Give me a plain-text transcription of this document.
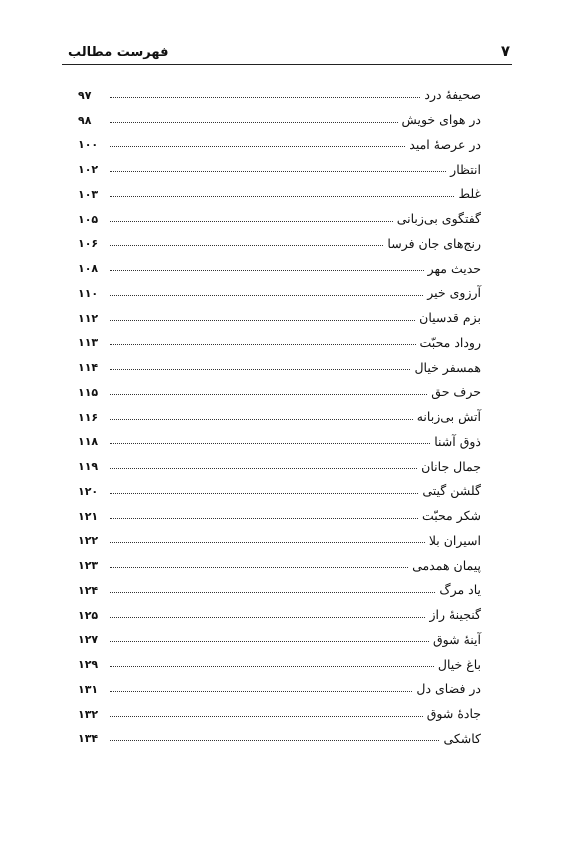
۷
فهرست مطالب
صحیفهٔ درد
۹۷
در هوای خویش
۹۸
در عرصهٔ امید
۱۰۰
انتظار
۱۰۲
غلط
۱۰۳
گفتگوی بی‌زبانی
۱۰۵
رنج‌های جان فرسا
۱۰۶
حدیث مهر
۱۰۸
آرزوی خیر
۱۱۰
بزم قدسیان
۱۱۲
روداد محبّت
۱۱۳
همسفر خیال
۱۱۴
حرف حق
۱۱۵
آتش بی‌زبانه
۱۱۶
ذوق آشنا
۱۱۸
جمال جانان
۱۱۹
گلشن گیتی
۱۲۰
شکر محبّت
۱۲۱
اسیران بلا
۱۲۲
پیمان همدمی
۱۲۳
یاد مرگ
۱۲۴
گنجینهٔ راز
۱۲۵
آینهٔ شوق
۱۲۷
باغ خیال
۱۲۹
در فضای دل
۱۳۱
جادهٔ شوق
۱۳۲
کاشکی
۱۳۴
